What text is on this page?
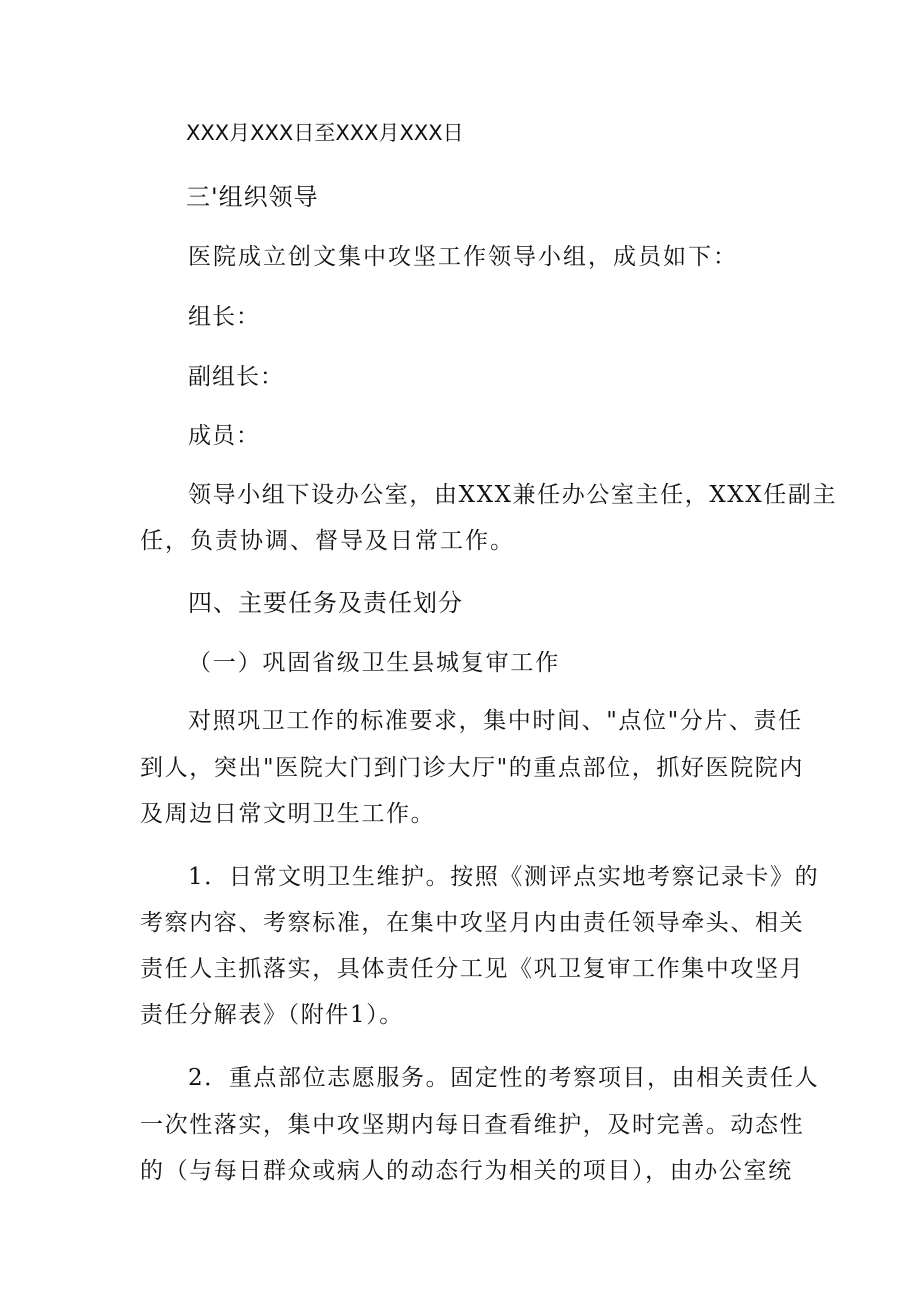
XXX月XXX日至XXX月XXX日
三'组织领导
医院成立创文集中攻坚工作领导小组，成员如下：
组长：
副组长：
成员：
领导小组下设办公室，由XXX兼任办公室主任，XXX任副主
任，负责协调、督导及日常工作。
四、主要任务及责任划分
（一）巩固省级卫生县城复审工作
对照巩卫工作的标准要求，集中时间、"点位"分片、责任
到人，突出"医院大门到门诊大厅"的重点部位，抓好医院院内
及周边日常文明卫生工作。
1．日常文明卫生维护。按照《测评点实地考察记录卡》的
考察内容、考察标准，在集中攻坚月内由责任领导牵头、相关
责任人主抓落实，具体责任分工见《巩卫复审工作集中攻坚月
责任分解表》（附件1）。
2．重点部位志愿服务。固定性的考察项目，由相关责任人
一次性落实，集中攻坚期内每日查看维护，及时完善。动态性
的（与每日群众或病人的动态行为相关的项目），由办公室统
